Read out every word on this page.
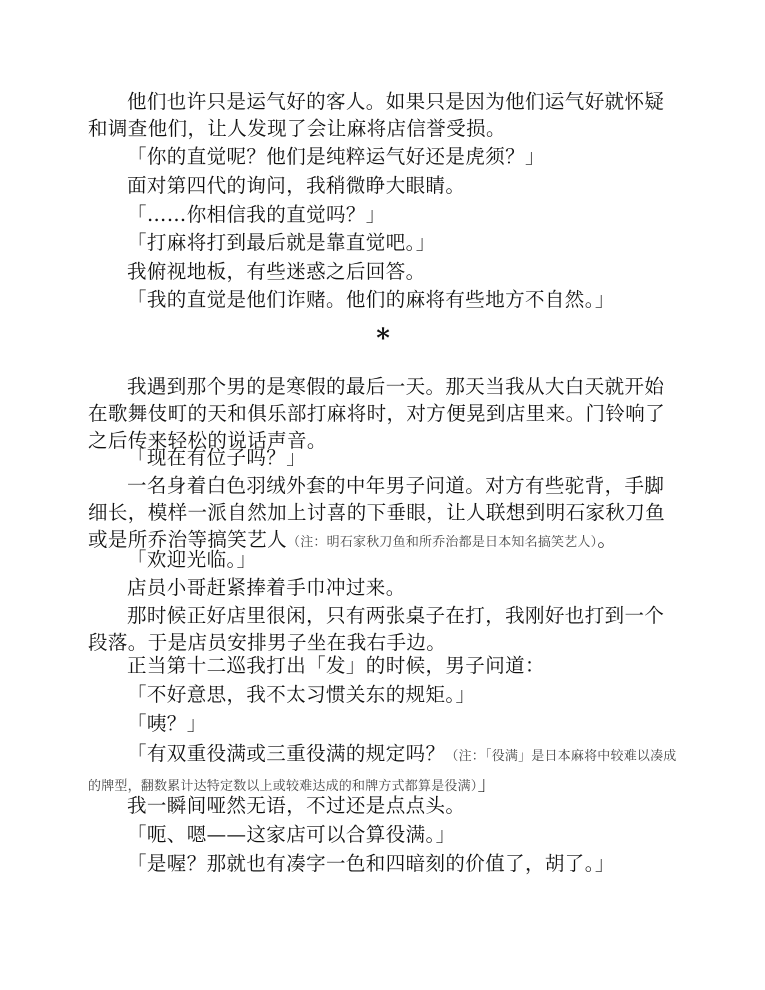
他们也许只是运气好的客人。如果只是因为他们运气好就怀疑和调查他们，让人发现了会让麻将店信誉受损。

「你的直觉呢？他们是纯粹运气好还是虎须？」

面对第四代的询问，我稍微睁大眼睛。

「……你相信我的直觉吗？」

「打麻将打到最后就是靠直觉吧。」

我俯视地板，有些迷惑之后回答。

「我的直觉是他们诈赌。他们的麻将有些地方不自然。」

*

我遇到那个男的是寒假的最后一天。那天当我从大白天就开始在歌舞伎町的天和俱乐部打麻将时，对方便晃到店里来。门铃响了之后传来轻松的说话声音。

「现在有位子吗？」

一名身着白色羽绒外套的中年男子问道。对方有些驼背，手脚细长，模样一派自然加上讨喜的下垂眼，让人联想到明石家秋刀鱼或是所乔治等搞笑艺人（注：明石家秋刀鱼和所乔治都是日本知名搞笑艺人）。

「欢迎光临。」

店员小哥赶紧捧着手巾冲过来。

那时候正好店里很闲，只有两张桌子在打，我刚好也打到一个段落。于是店员安排男子坐在我右手边。

正当第十二巡我打出「发」的时候，男子问道：

「不好意思，我不太习惯关东的规矩。」

「咦？」

「有双重役满或三重役满的规定吗？（注：「役满」是日本麻将中较难以凑成的牌型，翻数累计达特定数以上或较难达成的和牌方式都算是役满）」

我一瞬间哑然无语，不过还是点点头。

「呃、嗯——这家店可以合算役满。」

「是喔？那就也有凑字一色和四暗刻的价值了，胡了。」
